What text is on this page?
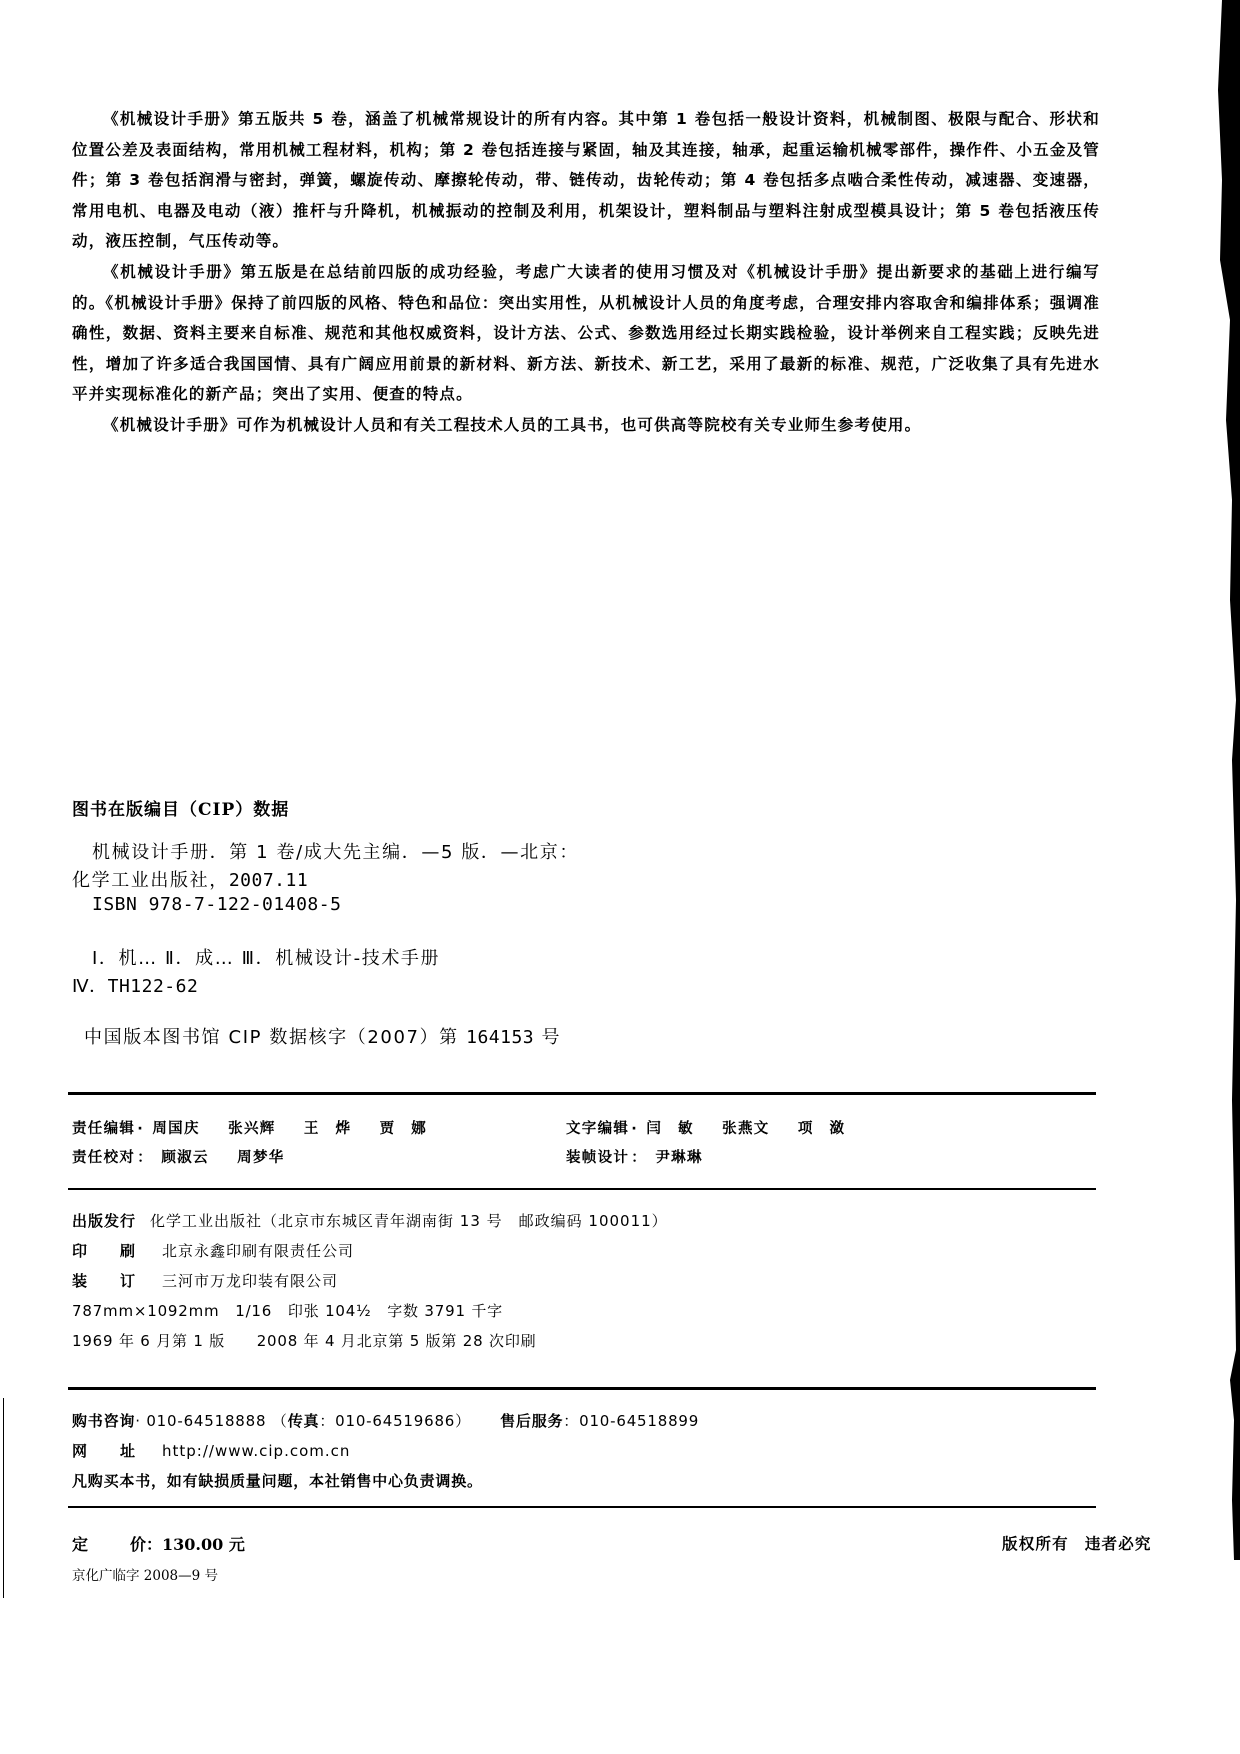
《机械设计手册》第五版共 5 卷，涵盖了机械常规设计的所有内容。其中第 1 卷包括一般设计资料，机械制图、极限与配合、形状和位置公差及表面结构，常用机械工程材料，机构；第 2 卷包括连接与紧固，轴及其连接，轴承，起重运输机械零部件，操作件、小五金及管件；第 3 卷包括润滑与密封，弹簧，螺旋传动、摩擦轮传动，带、链传动，齿轮传动；第 4 卷包括多点啮合柔性传动，减速器、变速器，常用电机、电器及电动（液）推杆与升降机，机械振动的控制及利用，机架设计，塑料制品与塑料注射成型模具设计；第 5 卷包括液压传动，液压控制，气压传动等。

《机械设计手册》第五版是在总结前四版的成功经验，考虑广大读者的使用习惯及对《机械设计手册》提出新要求的基础上进行编写的。《机械设计手册》保持了前四版的风格、特色和品位：突出实用性，从机械设计人员的角度考虑，合理安排内容取舍和编排体系；强调准确性，数据、资料主要来自标准、规范和其他权威资料，设计方法、公式、参数选用经过长期实践检验，设计举例来自工程实践；反映先进性，增加了许多适合我国国情、具有广阔应用前景的新材料、新方法、新技术、新工艺，采用了最新的标准、规范，广泛收集了具有先进水平并实现标准化的新产品；突出了实用、便查的特点。

《机械设计手册》可作为机械设计人员和有关工程技术人员的工具书，也可供高等院校有关专业师生参考使用。

图书在版编目（CIP）数据
机械设计手册．第 1 卷/成大先主编．—5 版．—北京：
化学工业出版社，2007.11
ISBN 978-7-122-01408-5
Ⅰ．机… Ⅱ．成… Ⅲ．机械设计-技术手册
Ⅳ．TH122-62
中国版本图书馆 CIP 数据核字（2007）第 164153 号
责任编辑 · 周国庆 张兴辉 王　烨 贾　娜	文字编辑 · 闫　敏 张燕文 项　潋
责任校对 ： 顾淑云 周梦华	装帧设计 ： 尹琳琳
出版发行 化学工业出版社（北京市东城区青年湖南街 13 号　邮政编码 100011）
印　　刷 北京永鑫印刷有限责任公司
装　　订 三河市万龙印装有限公司
787mm×1092mm　1/16　印张 104½　字数 3791 千字
1969 年 6 月第 1 版　　2008 年 4 月北京第 5 版第 28 次印刷
购书咨询· 010-64518888 （传真：010-64519686）  售后服务：010-64518899
网　　址 http://www.cip.com.cn
凡购买本书，如有缺损质量问题，本社销售中心负责调换。
定	价：130.00 元
京化广临字 2008—9 号
版权所有 违者必究
